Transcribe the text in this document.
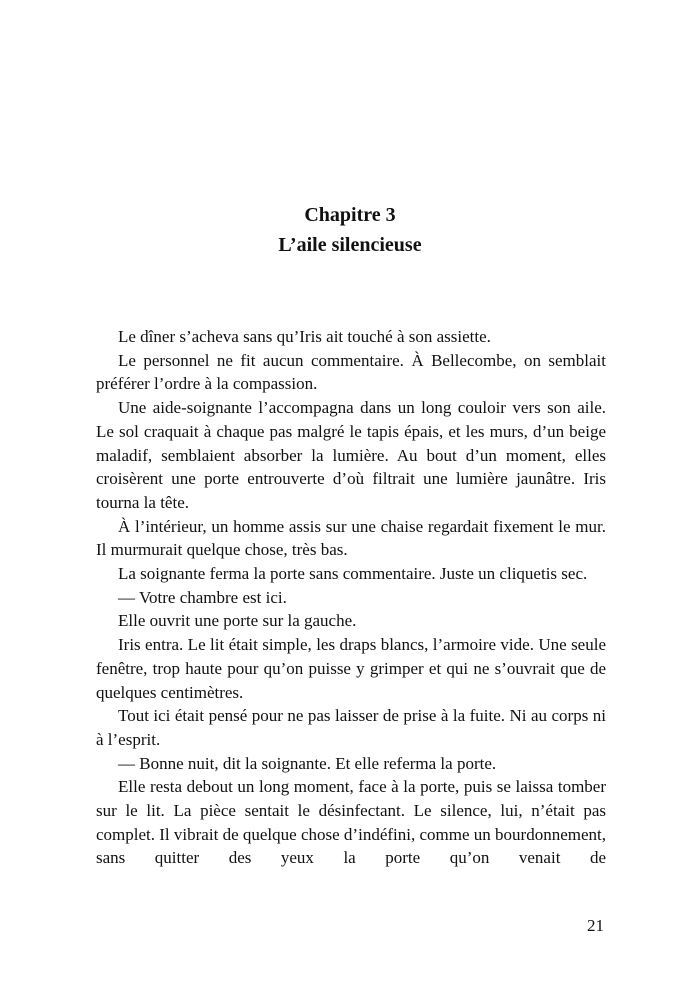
Chapitre 3
L’aile silencieuse

Le dîner s’acheva sans qu’Iris ait touché à son assiette.

Le personnel ne fit aucun commentaire. À Bellecombe, on semblait préférer l’ordre à la compassion.

Une aide-soignante l’accompagna dans un long couloir vers son aile. Le sol craquait à chaque pas malgré le tapis épais, et les murs, d’un beige maladif, semblaient absorber la lumière. Au bout d’un moment, elles croisèrent une porte entrouverte d’où filtrait une lumière jaunâtre. Iris tourna la tête.

À l’intérieur, un homme assis sur une chaise regardait fixement le mur. Il murmurait quelque chose, très bas.

La soignante ferma la porte sans commentaire. Juste un cliquetis sec.

— Votre chambre est ici.

Elle ouvrit une porte sur la gauche.

Iris entra. Le lit était simple, les draps blancs, l’armoire vide. Une seule fenêtre, trop haute pour qu’on puisse y grimper et qui ne s’ouvrait que de quelques centimètres.

Tout ici était pensé pour ne pas laisser de prise à la fuite. Ni au corps ni à l’esprit.

— Bonne nuit, dit la soignante. Et elle referma la porte.

Elle resta debout un long moment, face à la porte, puis se laissa tomber sur le lit. La pièce sentait le désinfectant. Le silence, lui, n’était pas complet. Il vibrait de quelque chose d’indéfini, comme un bourdonnement, sans quitter des yeux la porte qu’on venait de

21
